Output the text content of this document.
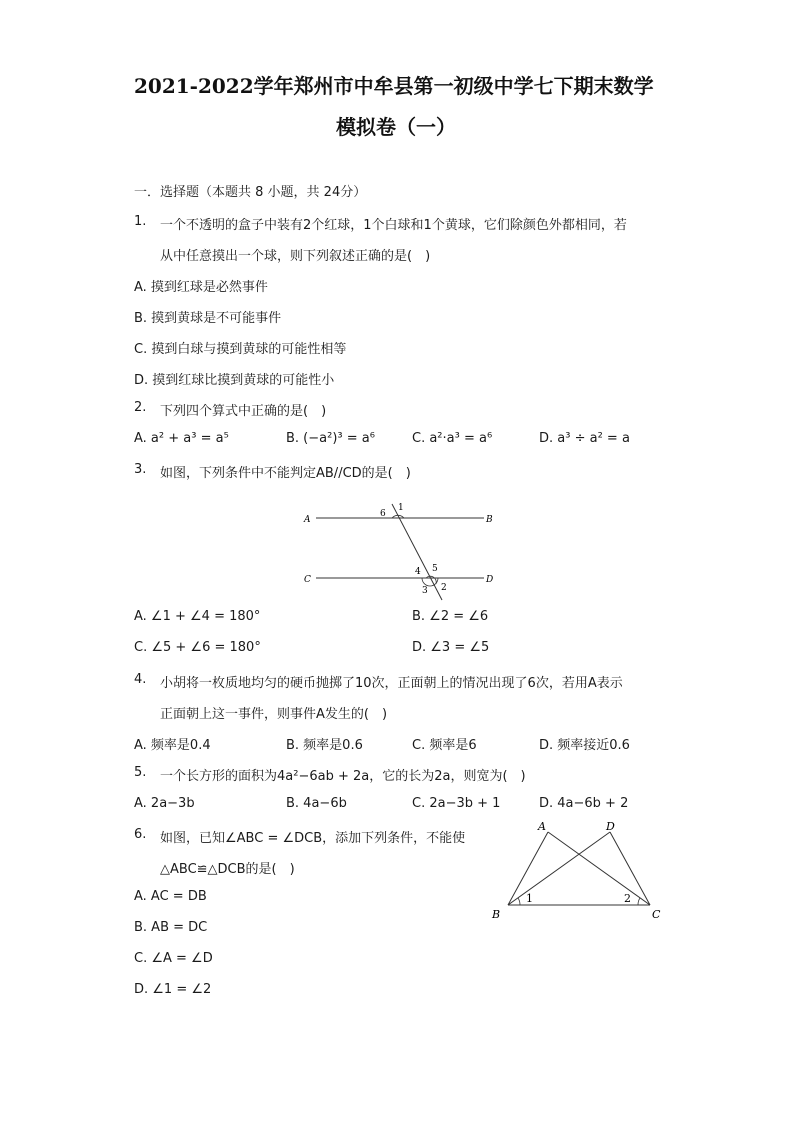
2021-2022学年郑州市中牟县第一初级中学七下期末数学
模拟卷（一）
一．选择题（本题共 8 小题，共 24分）
1. 一个不透明的盒子中装有2个红球，1个白球和1个黄球，它们除颜色外都相同，若
从中任意摸出一个球，则下列叙述正确的是(　)
A. 摸到红球是必然事件
B. 摸到黄球是不可能事件
C. 摸到白球与摸到黄球的可能性相等
D. 摸到红球比摸到黄球的可能性小
2. 下列四个算式中正确的是(　)
A. a² + a³ = a⁵	B. (−a²)³ = a⁶	C. a²·a³ = a⁶	D. a³ ÷ a² = a
3. 如图，下列条件中不能判定AB//CD的是(　)
A	B
C	D
6
1
4 5
2
3
A. ∠1 + ∠4 = 180°	B. ∠2 = ∠6
C. ∠5 + ∠6 = 180°	D. ∠3 = ∠5
4. 小胡将一枚质地均匀的硬币抛掷了10次，正面朝上的情况出现了6次，若用A表示
正面朝上这一事件，则事件A发生的(　)
A. 频率是0.4	B. 频率是0.6	C. 频率是6	D. 频率接近0.6
5. 一个长方形的面积为4a²−6ab + 2a，它的长为2a，则宽为(　)
A. 2a−3b	B. 4a−6b	C. 2a−3b + 1	D. 4a−6b + 2
6. 如图，已知∠ABC = ∠DCB，添加下列条件，不能使
△ABC≌△DCB的是(　)
A. AC = DB
B. AB = DC
C. ∠A = ∠D
D. ∠1 = ∠2
A	D
B	C
1	2
